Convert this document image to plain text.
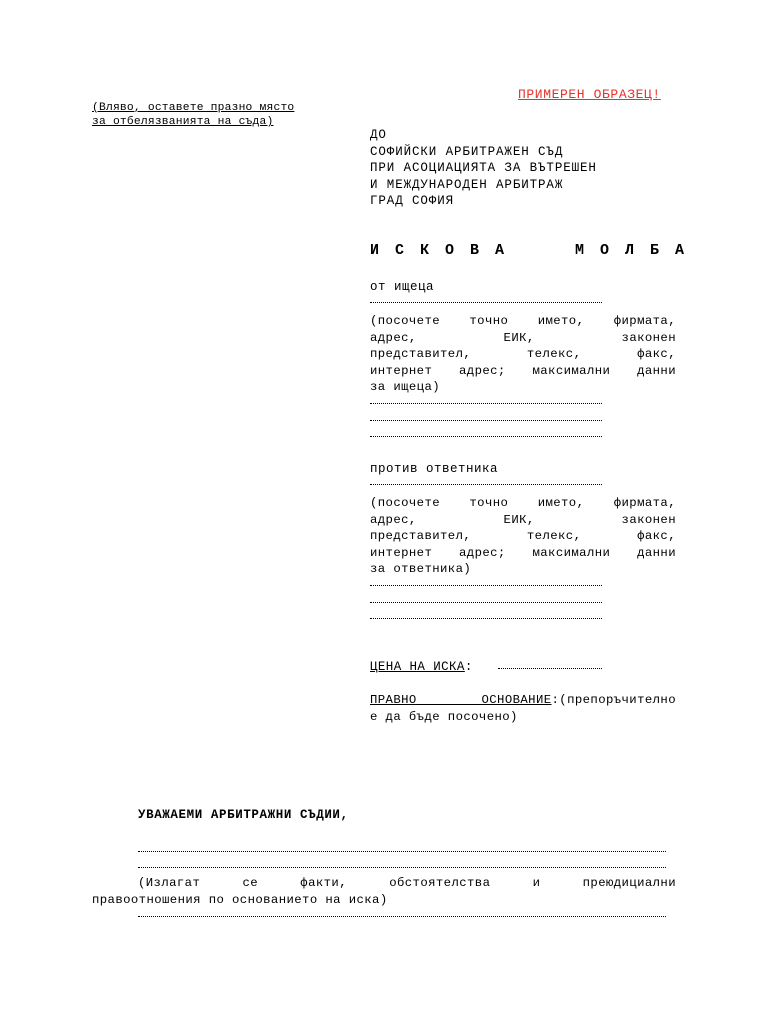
ПРИМЕРЕН ОБРАЗЕЦ!
(Вляво, оставете празно място
за отбелязванията на съда)
ДО
СОФИЙСКИ АРБИТРАЖЕН СЪД
ПРИ АСОЦИАЦИЯТА ЗА ВЪТРЕШЕН
И МЕЖДУНАРОДЕН АРБИТРАЖ
ГРАД СОФИЯ
И С К О В А	М О Л Б А
от ищеца
(посочете точно името, фирмата,
адрес, ЕИК, законен
представител, телекс, факс,
интернет адрес; максимални данни
за ищеца)
против ответника
(посочете точно името, фирмата,
адрес, ЕИК, законен
представител, телекс, факс,
интернет адрес; максимални данни
за ответника)
ЦЕНА НА ИСКА:
ПРАВНО ОСНОВАНИЕ:(препоръчително
е да бъде посочено)
УВАЖАЕМИ АРБИТРАЖНИ СЪДИИ,
(Излагат се факти, обстоятелства и преюдициални
правоотношения по основанието на иска)
